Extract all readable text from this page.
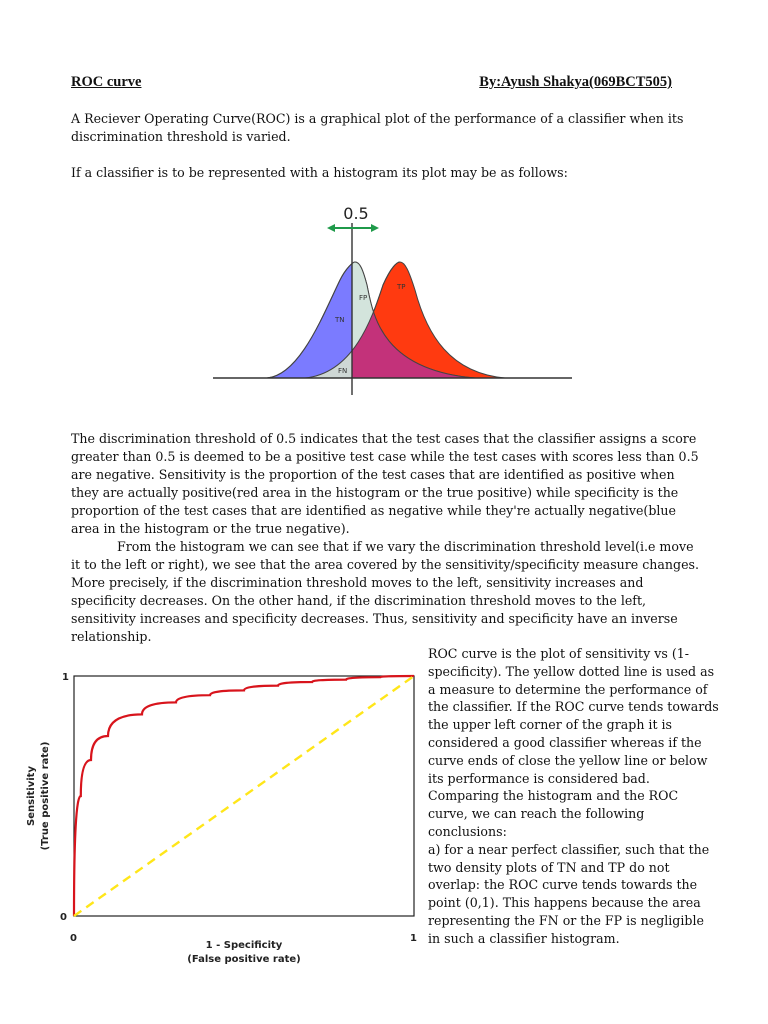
ROC curve	By:Ayush Shakya(069BCT505)

A Reciever Operating Curve(ROC) is a graphical plot of the performance of a classifier when its discrimination threshold is varied.

If a classifier is to be represented with a histogram its plot may be as follows:

0.5
TP
FP
TN
FN

The discrimination threshold of 0.5 indicates that the test cases that the classifier assigns a score greater than 0.5 is deemed to be a positive test case while the test cases with scores less than 0.5 are negative. Sensitivity is the proportion of the test cases that are identified as positive when they are actually positive(red area in the histogram or the true positive) while specificity is the proportion of the test cases that are identified as negative while they're actually negative(blue area in the histogram or the true negative).
From the histogram we can see that if we vary the discrimination threshold level(i.e move it to the left or right), we see that the area covered by the sensitivity/specificity measure changes. More precisely, if the discrimination threshold moves to the left, sensitivity increases and specificity decreases. On the other hand, if the discrimination threshold moves to the left, sensitivity increases and specificity decreases. Thus, sensitivity and specificity have an inverse relationship.

1
0
0	1
1 - Specificity
(False positive rate)
Sensitivity (True positive rate)
ROC curve is the plot of sensitivity vs (1-specificity). The yellow dotted line is used as a measure to determine the performance of the classifier. If the ROC curve tends towards the upper left corner of the graph it is considered a good classifier whereas if the curve ends of close the yellow line or below its performance is considered bad. Comparing the histogram and the ROC curve, we can reach the following conclusions:
a) for a near perfect classifier, such that the two density plots of TN and TP do not overlap: the ROC curve tends towards the point (0,1). This happens because the area representing the FN or the FP is negligible in such a classifier histogram.
